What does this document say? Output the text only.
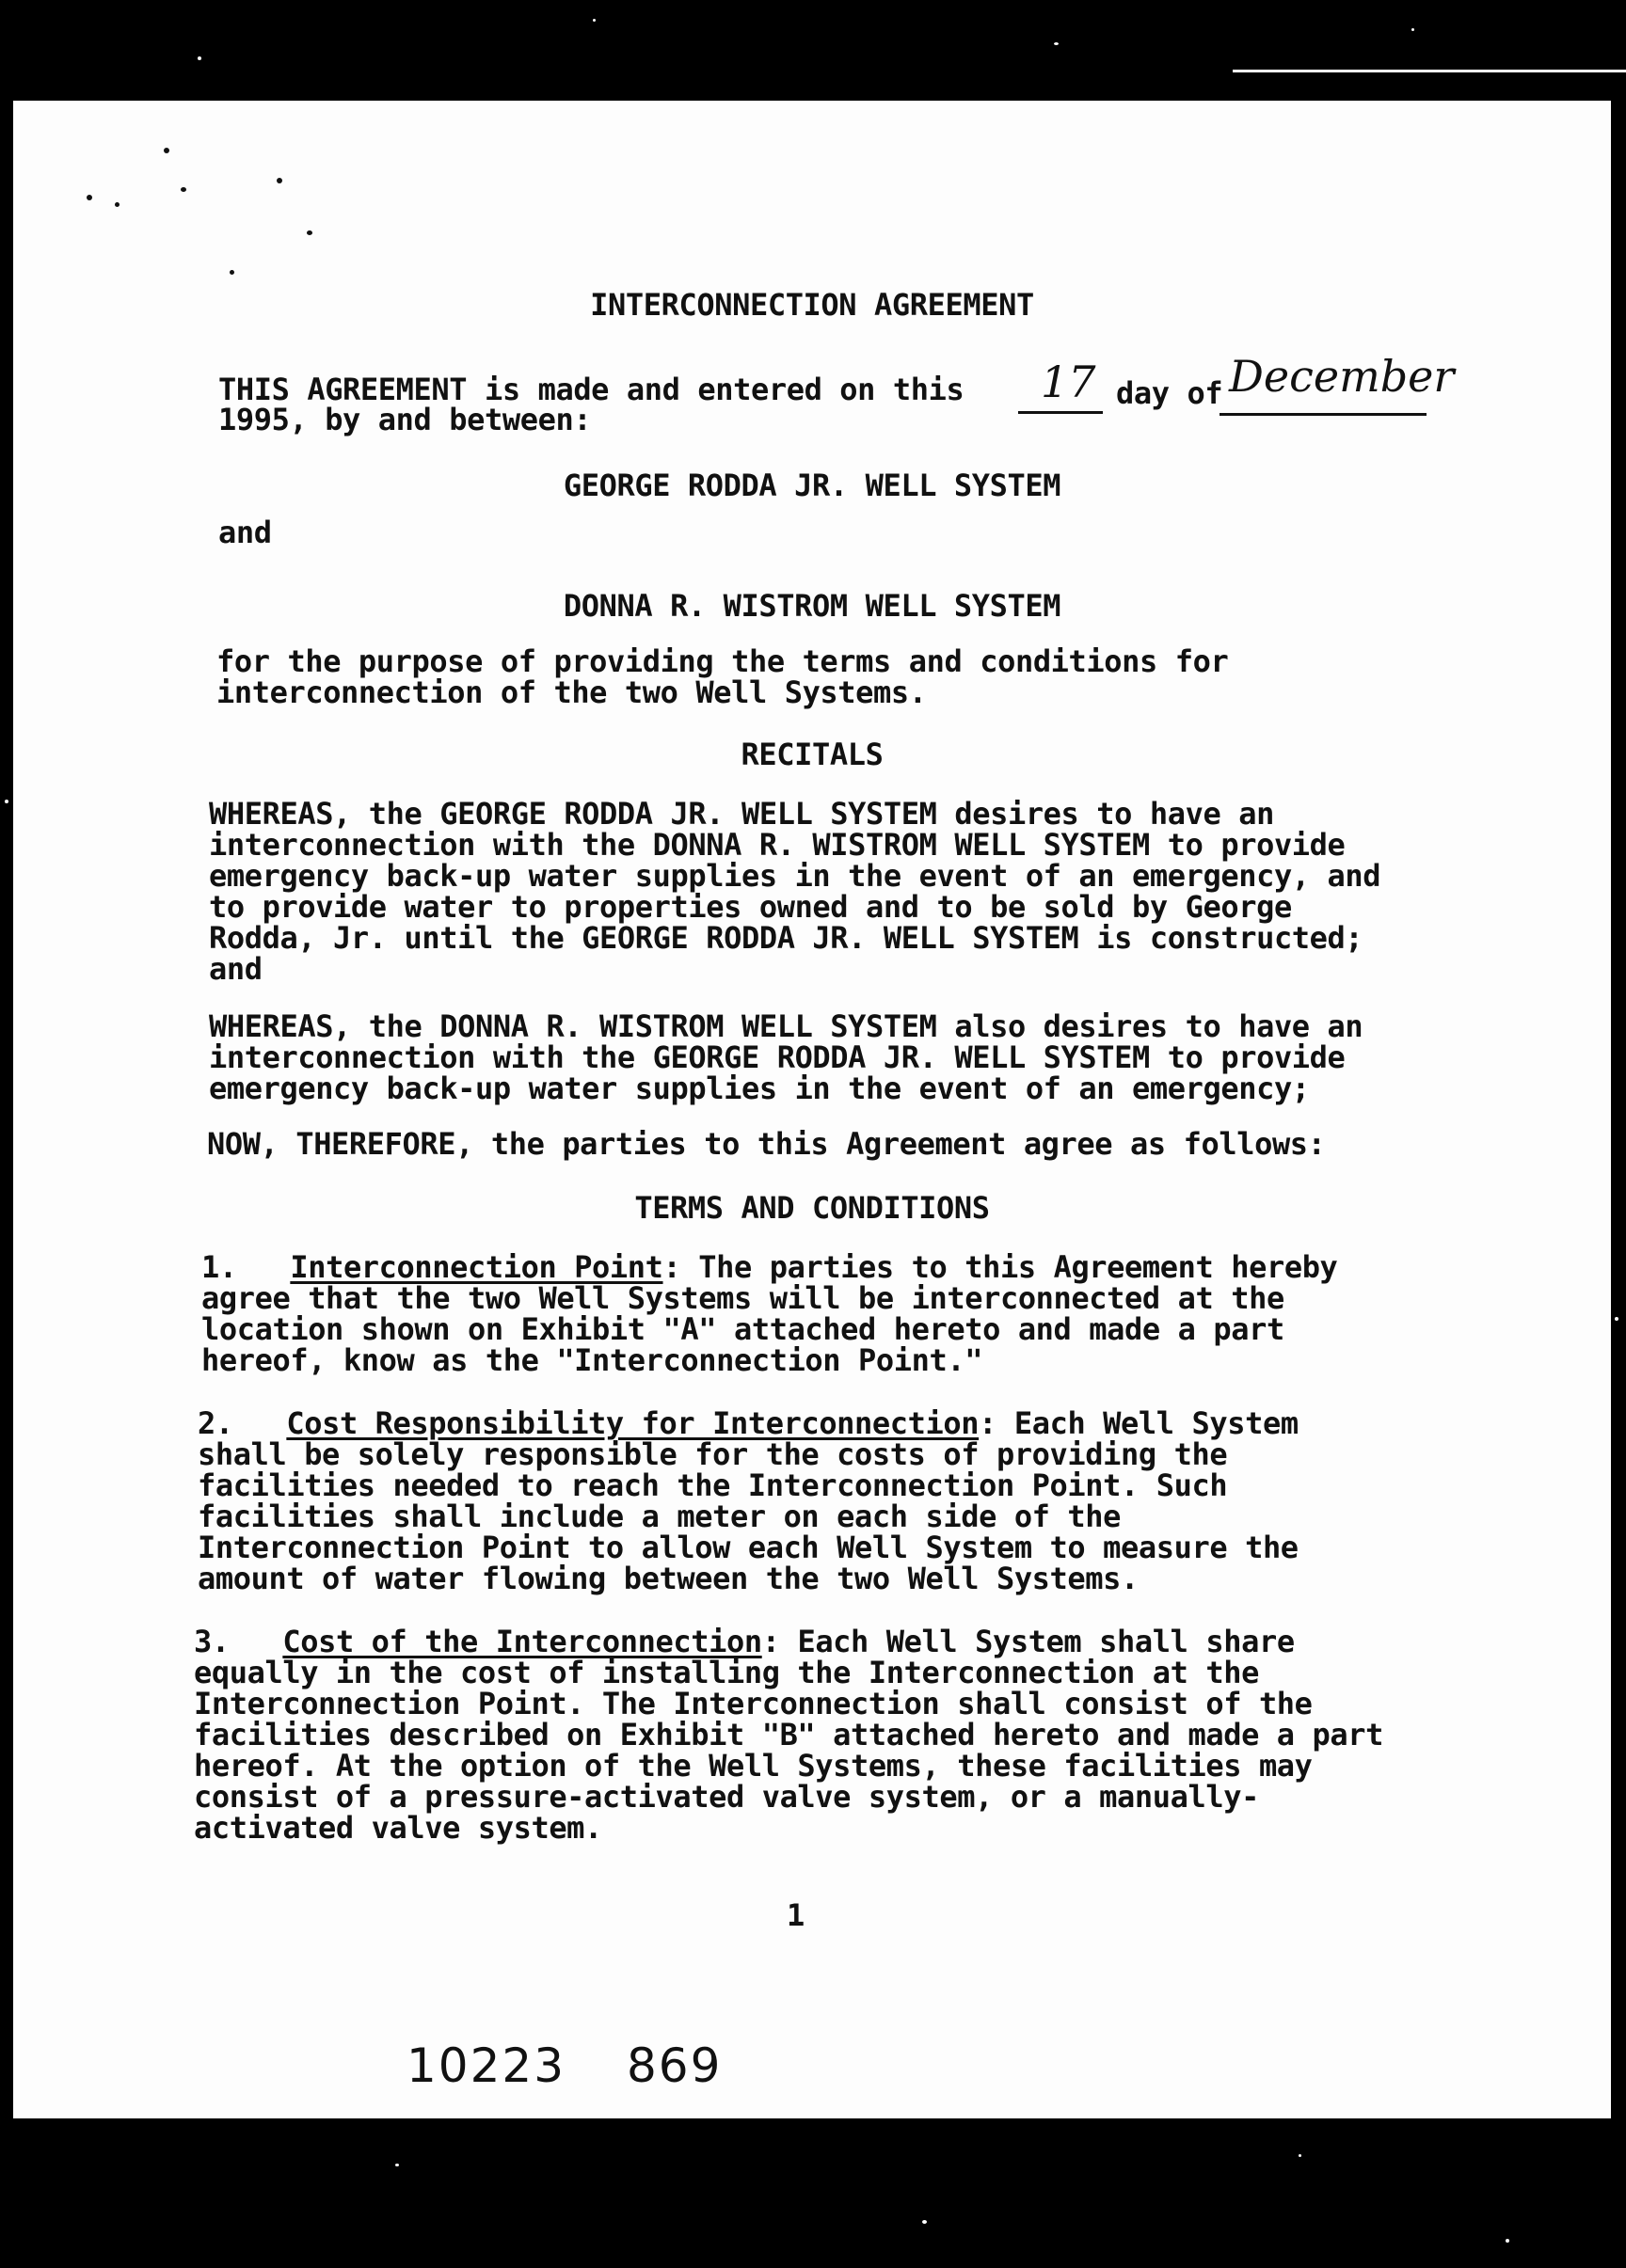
INTERCONNECTION AGREEMENT
THIS AGREEMENT is made and entered on this 17 day of December
1995, by and between:
GEORGE RODDA JR. WELL SYSTEM
and
DONNA R. WISTROM WELL SYSTEM
for the purpose of providing the terms and conditions for
interconnection of the two Well Systems.
RECITALS
WHEREAS, the GEORGE RODDA JR. WELL SYSTEM desires to have an
interconnection with the DONNA R. WISTROM WELL SYSTEM to provide
emergency back-up water supplies in the event of an emergency, and
to provide water to properties owned and to be sold by George
Rodda, Jr. until the GEORGE RODDA JR. WELL SYSTEM is constructed;
and
WHEREAS, the DONNA R. WISTROM WELL SYSTEM also desires to have an
interconnection with the GEORGE RODDA JR. WELL SYSTEM to provide
emergency back-up water supplies in the event of an emergency;
NOW, THEREFORE, the parties to this Agreement agree as follows:
TERMS AND CONDITIONS
1. Interconnection Point: The parties to this Agreement hereby
agree that the two Well Systems will be interconnected at the
location shown on Exhibit "A" attached hereto and made a part
hereof, know as the "Interconnection Point."
2. Cost Responsibility for Interconnection: Each Well System
shall be solely responsible for the costs of providing the
facilities needed to reach the Interconnection Point. Such
facilities shall include a meter on each side of the
Interconnection Point to allow each Well System to measure the
amount of water flowing between the two Well Systems.
3. Cost of the Interconnection: Each Well System shall share
equally in the cost of installing the Interconnection at the
Interconnection Point. The Interconnection shall consist of the
facilities described on Exhibit "B" attached hereto and made a part
hereof. At the option of the Well Systems, these facilities may
consist of a pressure-activated valve system, or a manually-
activated valve system.
1
10223 869
